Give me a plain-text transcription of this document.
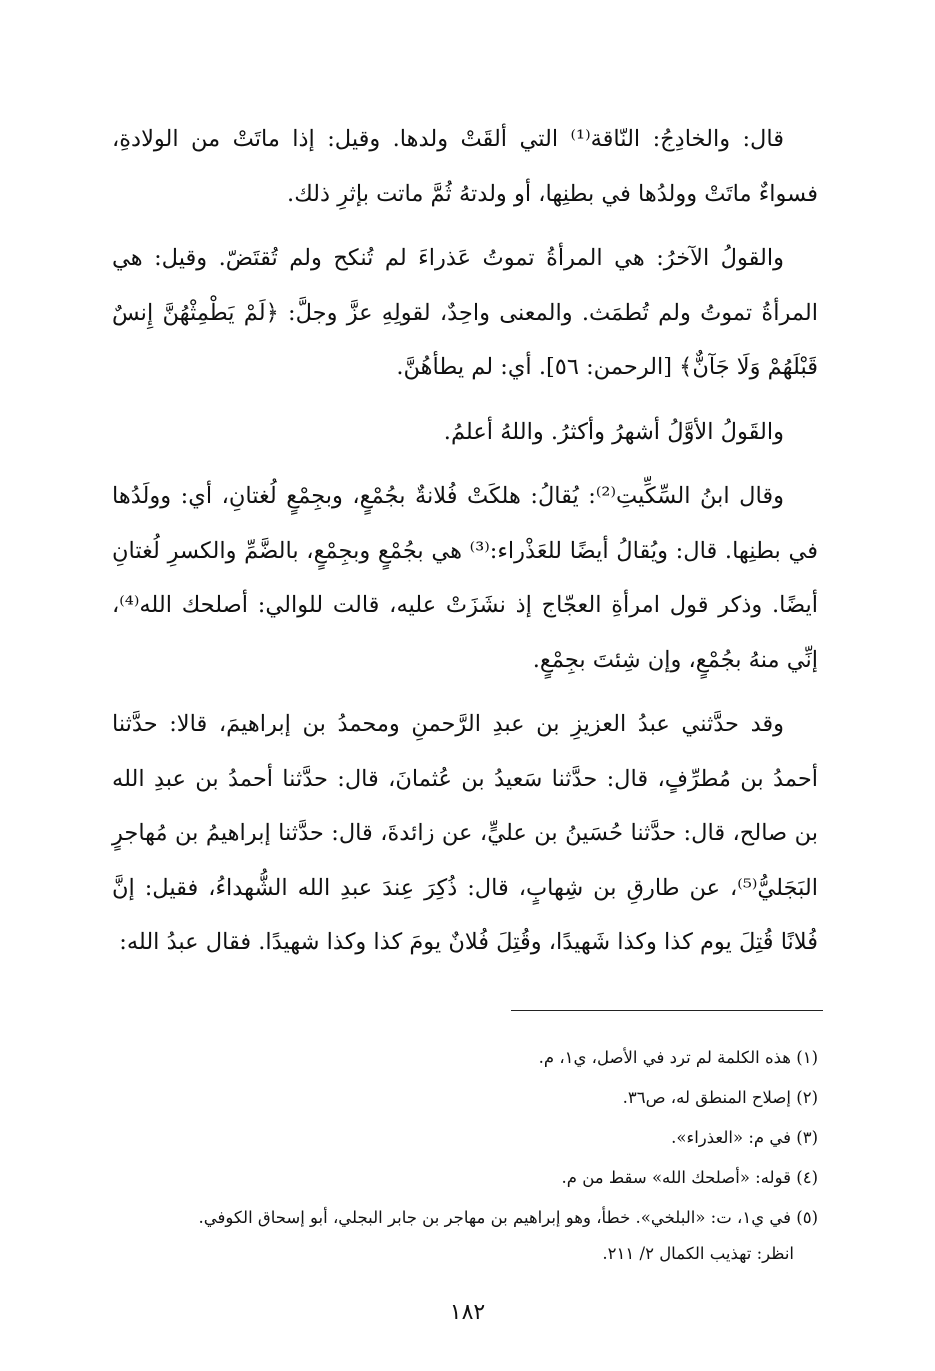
قال: والخادِجُ: النّاقة⁽¹⁾ التي ألقَتْ ولدها. وقيل: إذا ماتَتْ من الولادةِ، فسواءٌ ماتَتْ وولدُها في بطنِها، أو ولدتهُ ثُمَّ ماتت بإثرِ ذلك.

والقولُ الآخرُ: هي المرأةُ تموتُ عَذراءَ لم تُنكح ولم تُقتَضّ. وقيل: هي المرأةُ تموتُ ولم تُطمَث. والمعنى واحِدٌ، لقولِهِ عزَّ وجلَّ: ﴿لَمْ يَطْمِثْهُنَّ إِنسٌ قَبْلَهُمْ وَلَا جَآنٌّ﴾ [الرحمن: ٥٦]. أي: لم يطأهُنَّ.

والقَولُ الأوَّلُ أشهرُ وأكثرُ. واللهُ أعلمُ.

وقال ابنُ السِّكِّيتِ⁽²⁾: يُقالُ: هلكَتْ فُلانةٌ بجُمْعٍ، وبجِمْعٍ لُغتانِ، أي: وولَدُها في بطنِها. قال: ويُقالُ أيضًا للعَذْراء:⁽³⁾ هي بجُمْعٍ وبجِمْعٍ، بالضَّمِّ والكسرِ لُغتانِ أيضًا. وذكر قول امرأةِ العجّاج إذ نشَزَتْ عليه، قالت للوالي: أصلحك الله⁽⁴⁾، إنِّي منهُ بجُمْعٍ، وإن شِئتَ بجِمْعٍ.

وقد حدَّثني عبدُ العزيزِ بن عبدِ الرَّحمنِ ومحمدُ بن إبراهيمَ، قالا: حدَّثنا أحمدُ بن مُطرِّفٍ، قال: حدَّثنا سَعيدُ بن عُثمانَ، قال: حدَّثنا أحمدُ بن عبدِ الله بن صالح، قال: حدَّثنا حُسَينُ بن عليٍّ، عن زائدةَ، قال: حدَّثنا إبراهيمُ بن مُهاجرٍ البَجَليُّ⁽⁵⁾، عن طارقِ بن شِهابٍ، قال: ذُكِرَ عِندَ عبدِ الله الشُّهداءُ، فقيل: إنَّ فُلانًا قُتِلَ يوم كذا وكذا شَهيدًا، وقُتِلَ فُلانٌ يومَ كذا وكذا شهيدًا. فقال عبدُ الله:

(١) هذه الكلمة لم ترد في الأصل، ي١، م.

(٢) إصلاح المنطق له، ص٣٦.

(٣) في م: «العذراء».

(٤) قوله: «أصلحك الله» سقط من م.

(٥) في ي١، ت: «البلخي». خطأ، وهو إبراهيم بن مهاجر بن جابر البجلي، أبو إسحاق الكوفي.

انظر: تهذيب الكمال ٢/ ٢١١.

١٨٢
